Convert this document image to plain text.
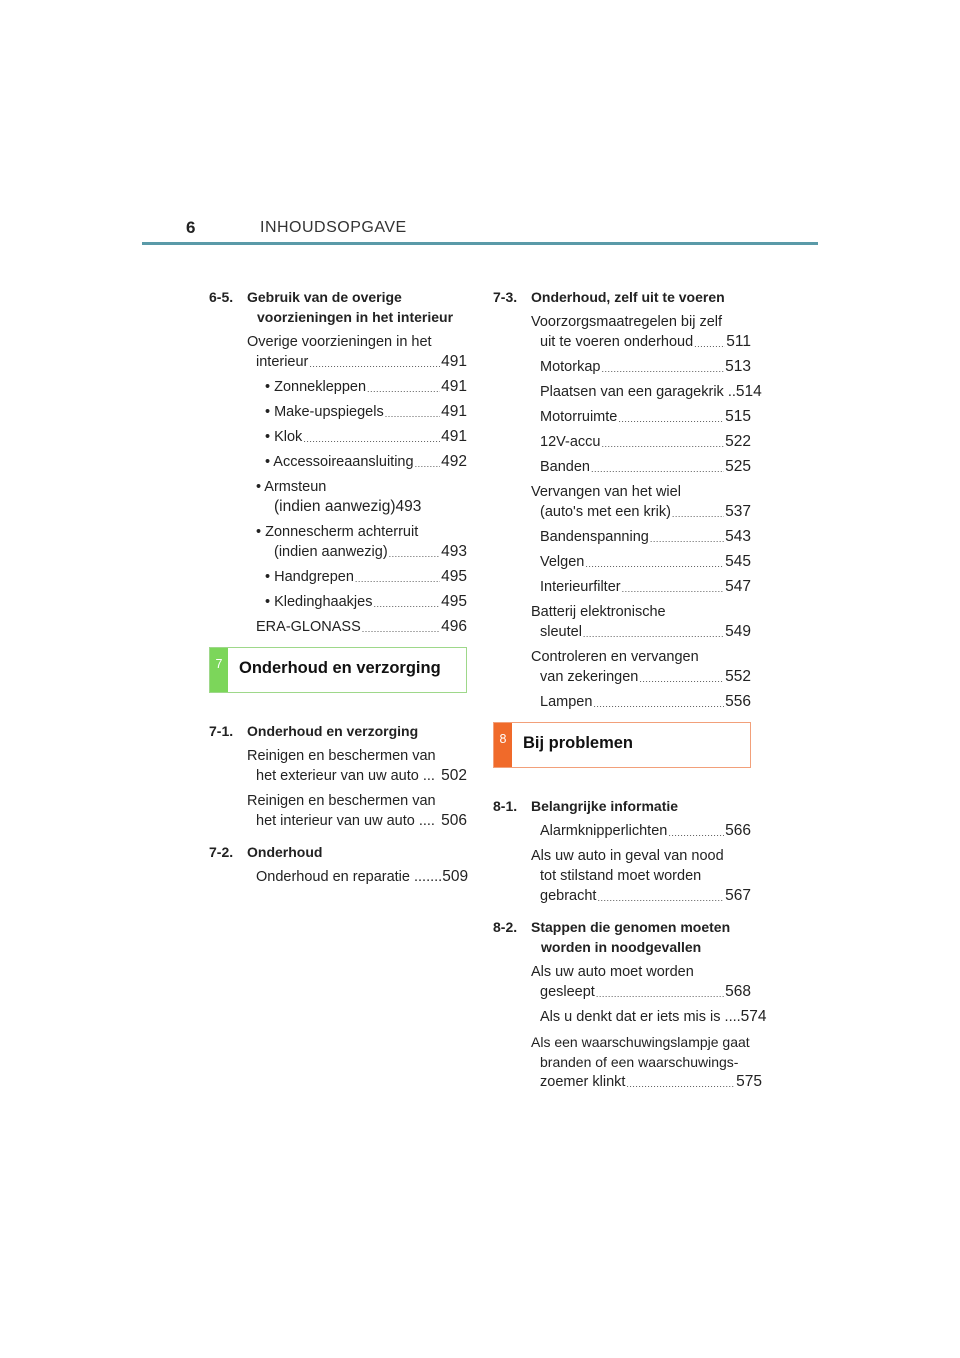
6	INHOUDSOPGAVE
6-5. Gebruik van de overige voorzieningen in het interieur
Overige voorzieningen in het
interieur .....	491
• Zonnekleppen .....	491
• Make-upspiegels .....	491
• Klok .....	491
• Accessoireaansluiting ..... 492
• Armsteun
(indien aanwezig)493
• Zonnescherm achterruit
(indien aanwezig) .....	493
• Handgrepen .....	495
• Kledinghaakjes .....	495
ERA-GLONASS .....	496
7	Onderhoud en verzorging
7-1. Onderhoud en verzorging
Reinigen en beschermen van
het exterieur van uw auto ... 502
Reinigen en beschermen van
het interieur van uw auto .... 506
7-2. Onderhoud
Onderhoud en reparatie ....... 509
7-3. Onderhoud, zelf uit te voeren
Voorzorgsmaatregelen bij zelf
uit te voeren onderhoud ..... 511
Motorkap .....	513
Plaatsen van een garagekrik .. 514
Motorruimte .....	515
12V-accu .....	522
Banden .....	525
Vervangen van het wiel
(auto's met een krik) .....	537
Bandenspanning .....	543
Velgen .....	545
Interieurfilter .....	547
Batterij elektronische
sleutel .....	549
Controleren en vervangen
van zekeringen .....	552
Lampen .....	556
8	Bij problemen
8-1. Belangrijke informatie
Alarmknipperlichten .....	566
Als uw auto in geval van nood
tot stilstand moet worden
gebracht .....	567
8-2. Stappen die genomen moeten worden in noodgevallen
Als uw auto moet worden
gesleept .....	568
Als u denkt dat er iets mis is .... 574
Als een waarschuwingslampje gaat
branden of een waarschuwings-
zoemer klinkt .....	575
